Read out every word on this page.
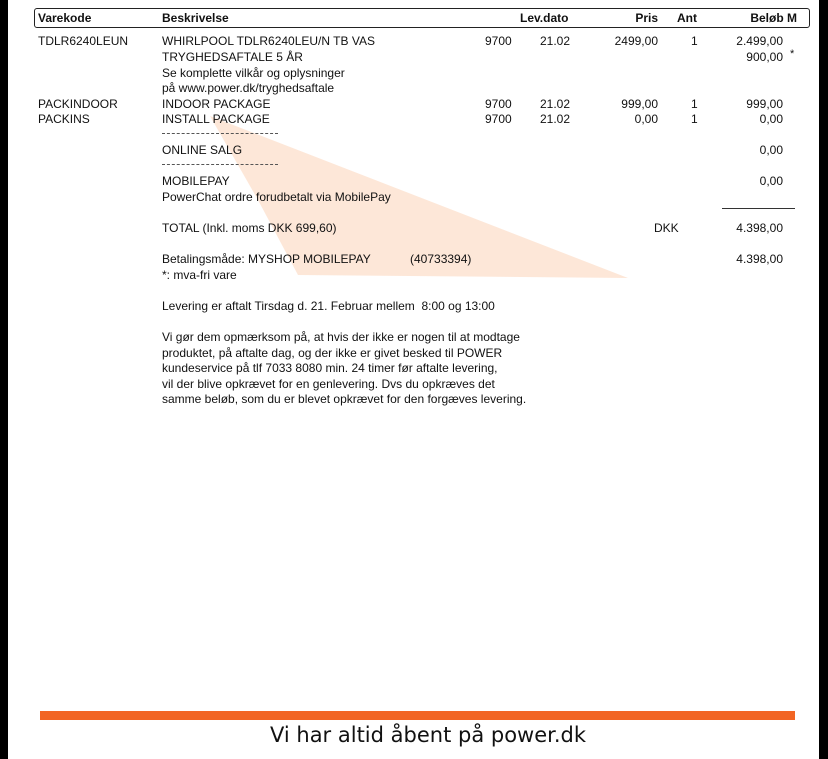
Varekode	Beskrivelse	Lev.dato	Pris Ant	Beløb M
TDLR6240LEUN	WHIRLPOOL TDLR6240LEU/N TB VAS	9700 21.02	2499,00	1	2.499,00
TRYGHEDSAFTALE 5 ÅR	900,00 *
Se komplette vilkår og oplysninger
på www.power.dk/tryghedsaftale
PACKINDOOR	INDOOR PACKAGE	9700 21.02	999,00	1	999,00
PACKINS	INSTALL PACKAGE	9700 21.02	0,00	1	0,00
ONLINE SALG	0,00
MOBILEPAY	0,00
PowerChat ordre forudbetalt via MobilePay
TOTAL (Inkl. moms DKK 699,60)	DKK	4.398,00
Betalingsmåde: MYSHOP MOBILEPAY	(40733394)	4.398,00
*: mva-fri vare
Levering er aftalt Tirsdag d. 21. Februar mellem  8:00 og 13:00
Vi gør dem opmærksom på, at hvis der ikke er nogen til at modtage
produktet, på aftalte dag, og der ikke er givet besked til POWER
kundeservice på tlf 7033 8080 min. 24 timer før aftalte levering,
vil der blive opkrævet for en genlevering. Dvs du opkræves det
samme beløb, som du er blevet opkrævet for den forgæves levering.
Vi har altid åbent på power.dk
